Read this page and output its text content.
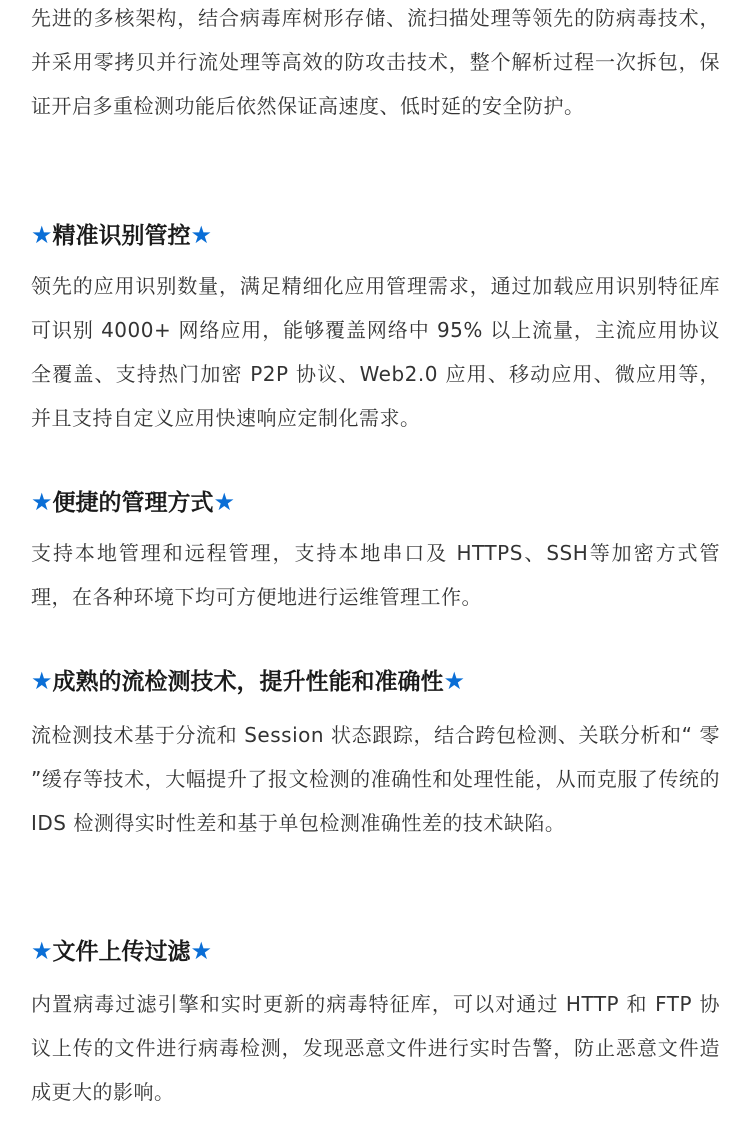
先进的多核架构，结合病毒库树形存储、流扫描处理等领先的防病毒技术，并采用零拷贝并行流处理等高效的防攻击技术，整个解析过程一次拆包，保证开启多重检测功能后依然保证高速度、低时延的安全防护。

★精准识别管控★

领先的应用识别数量，满足精细化应用管理需求，通过加载应用识别特征库可识别 4000+ 网络应用，能够覆盖网络中 95% 以上流量，主流应用协议全覆盖、支持热门加密 P2P 协议、Web2.0 应用、移动应用、微应用等，并且支持自定义应用快速响应定制化需求。

★便捷的管理方式★

支持本地管理和远程管理，支持本地串口及 HTTPS、SSH等加密方式管理，在各种环境下均可方便地进行运维管理工作。

★成熟的流检测技术，提升性能和准确性★

流检测技术基于分流和 Session 状态跟踪，结合跨包检测、关联分析和“ 零 ”缓存等技术，大幅提升了报文检测的准确性和处理性能，从而克服了传统的 IDS 检测得实时性差和基于单包检测准确性差的技术缺陷。

★文件上传过滤★

内置病毒过滤引擎和实时更新的病毒特征库，可以对通过 HTTP 和 FTP 协议上传的文件进行病毒检测，发现恶意文件进行实时告警，防止恶意文件造成更大的影响。
